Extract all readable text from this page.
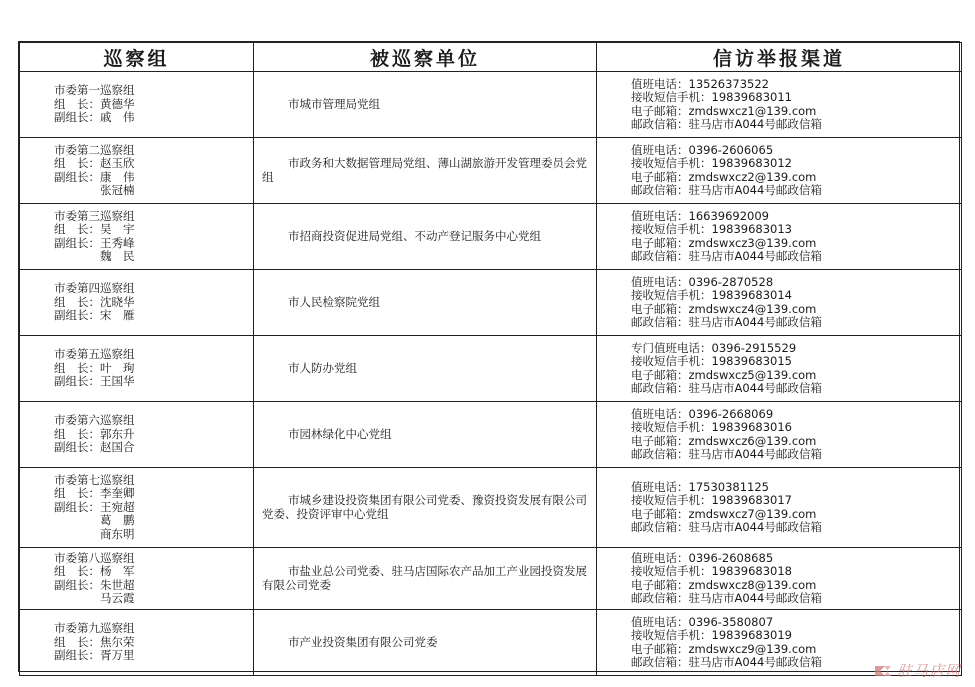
巡察组	被巡察单位	信访举报渠道

市委第一巡察组
组　长：黄德华
副组长：戚　伟	市城市管理局党组	值班电话：13526373522
接收短信手机：19839683011
电子邮箱：zmdswxcz1@139.com
邮政信箱：驻马店市A044号邮政信箱

市委第二巡察组
组　长：赵玉欣
副组长：康　伟
　　　　张冠楠	市政务和大数据管理局党组、薄山湖旅游开发管理委员会党组	值班电话：0396-2606065
接收短信手机：19839683012
电子邮箱：zmdswxcz2@139.com
邮政信箱：驻马店市A044号邮政信箱

市委第三巡察组
组　长：吴　宇
副组长：王秀峰
　　　　魏　民	市招商投资促进局党组、不动产登记服务中心党组	值班电话：16639692009
接收短信手机：19839683013
电子邮箱：zmdswxcz3@139.com
邮政信箱：驻马店市A044号邮政信箱

市委第四巡察组
组　长：沈晓华
副组长：宋　雁	市人民检察院党组	值班电话：0396-2870528
接收短信手机：19839683014
电子邮箱：zmdswxcz4@139.com
邮政信箱：驻马店市A044号邮政信箱

市委第五巡察组
组　长：叶　珣
副组长：王国华	市人防办党组	专门值班电话：0396-2915529
接收短信手机：19839683015
电子邮箱：zmdswxcz5@139.com
邮政信箱：驻马店市A044号邮政信箱

市委第六巡察组
组　长：郭东升
副组长：赵国合	市园林绿化中心党组	值班电话：0396-2668069
接收短信手机：19839683016
电子邮箱：zmdswxcz6@139.com
邮政信箱：驻马店市A044号邮政信箱

市委第七巡察组
组　长：李奎卿
副组长：王宛超
　　　　葛　鹏
　　　　商东明	市城乡建设投资集团有限公司党委、豫资投资发展有限公司党委、投资评审中心党组	值班电话：17530381125
接收短信手机：19839683017
电子邮箱：zmdswxcz7@139.com
邮政信箱：驻马店市A044号邮政信箱

市委第八巡察组
组　长：杨　军
副组长：朱世超
　　　　马云霞	市盐业总公司党委、驻马店国际农产品加工产业园投资发展有限公司党委	值班电话：0396-2608685
接收短信手机：19839683018
电子邮箱：zmdswxcz8@139.com
邮政信箱：驻马店市A044号邮政信箱

市委第九巡察组
组　长：焦尔荣
副组长：胥万里	市产业投资集团有限公司党委	值班电话：0396-3580807
接收短信手机：19839683019
电子邮箱：zmdswxcz9@139.com
邮政信箱：驻马店市A044号邮政信箱
驻马店网
